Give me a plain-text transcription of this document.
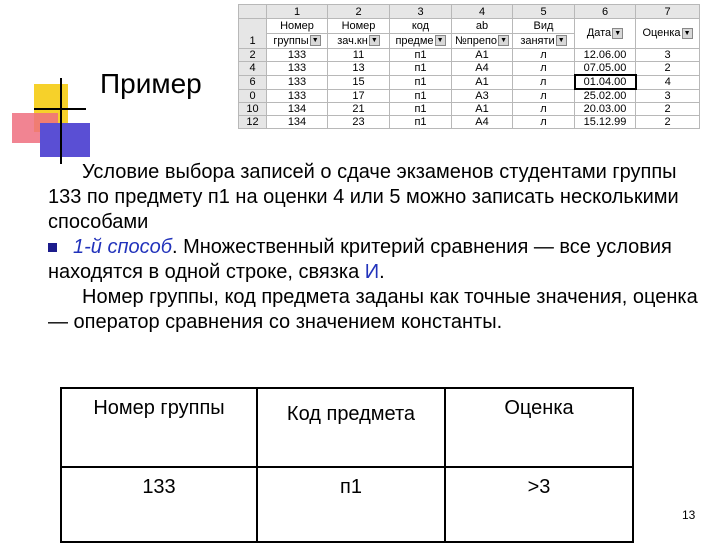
Пример
	1	2	3	4	5	6	7
1	Номер	Номер	код	ab	Вид	Дата ▼	Оценка ▼
	группы ▼	зач.кн ▼	предме ▼	№препо ▼	заняти ▼		
2	133	11	п1	А1	л	12.06.00	3
4	133	13	п1	А4	л	07.05.00	2
6	133	15	п1	А1	л	01.04.00	4
0	133	17	п1	А3	л	25.02.00	3
10	134	21	п1	А1	л	20.03.00	2
12	134	23	п1	А4	л	15.12.99	2

Условие выбора записей о сдаче экзаменов студентами группы 133 по предмету п1 на оценки 4 или 5 можно записать несколькими способами

1-й способ. Множественный критерий сравнения — все условия находятся в одной строке, связка И.

Номер группы, код предмета заданы как точные значения, оценка— оператор сравнения со значением константы.

Номер группы	Код предмета	Оценка
133	п1	>3
13
